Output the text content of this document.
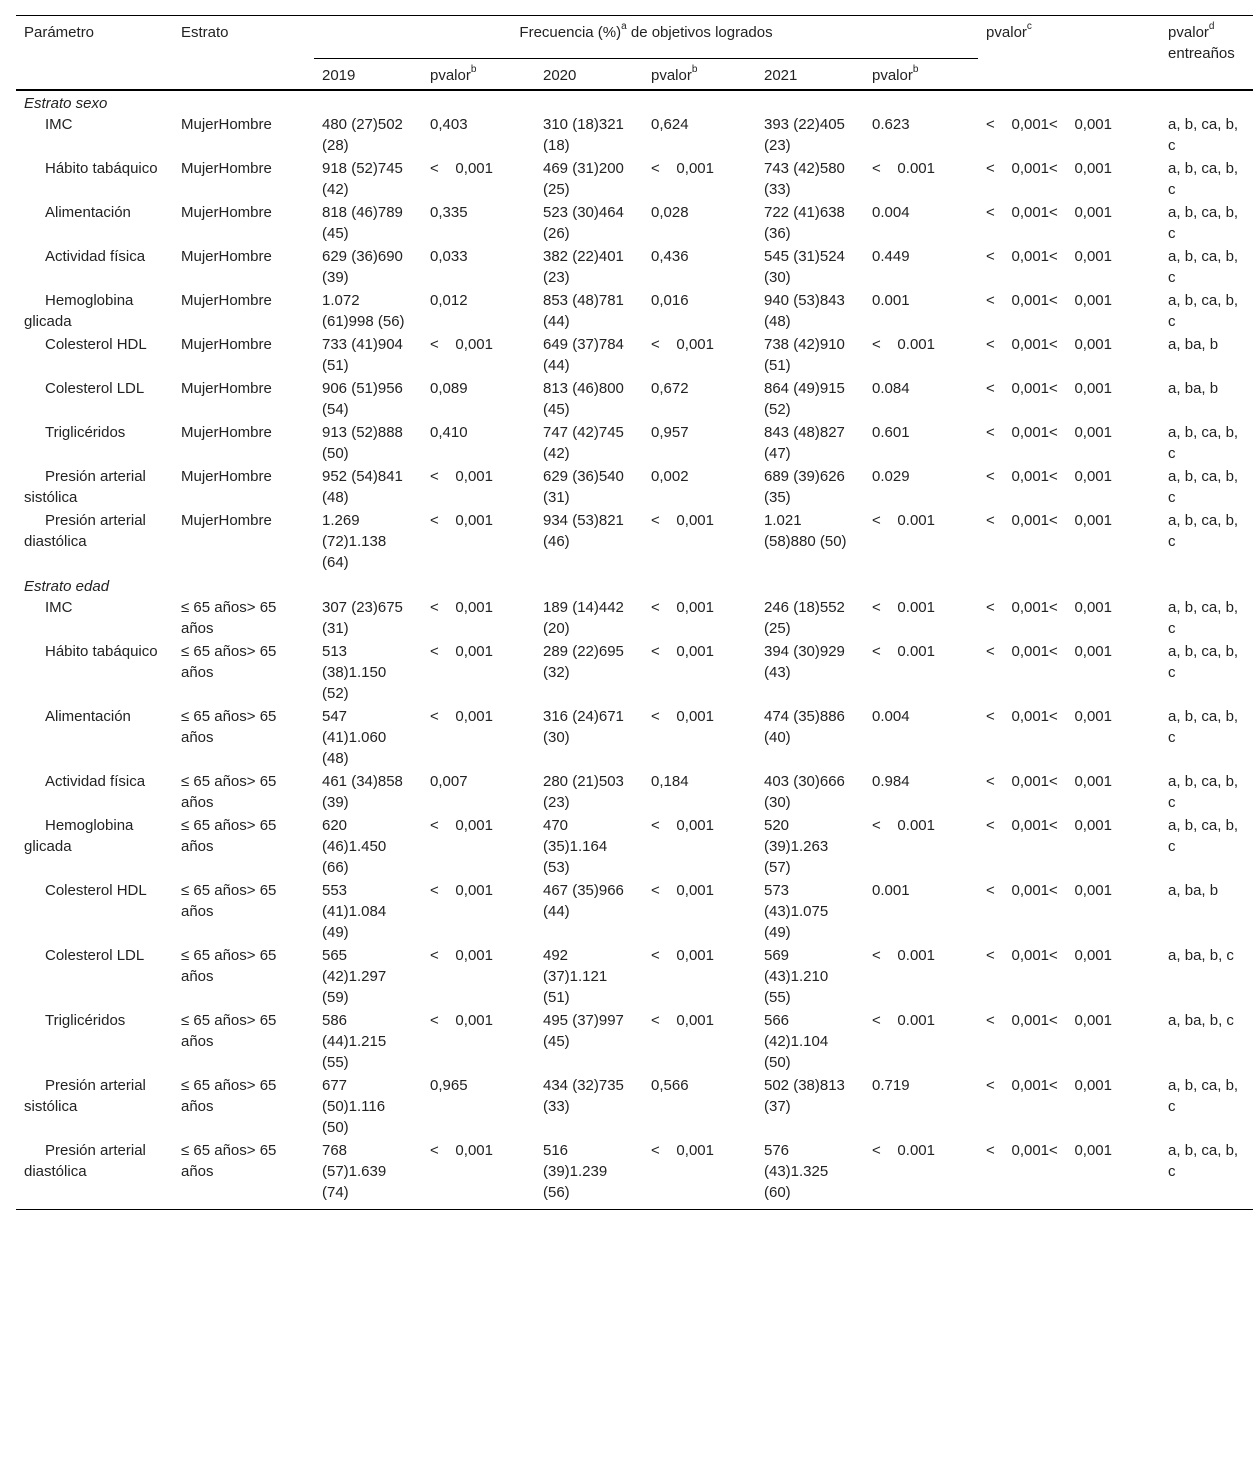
Parámetro	Estrato	Frecuencia (%)$^a$ de objetivos logrados						pvalor$^c$	pvalor$^d$
entreaños
		2019	pvalor$^b$	2020	pvalor$^b$	2021	pvalor$^b$
Estrato sexo									
IMC	MujerHombre	480 (27)502 (28)	0,403	310 (18)321 (18)	0,624	393 (22)405 (23)	0.623	<    0,001<    0,001	a, b, ca, b, c
Hábito tabáquico	MujerHombre	918 (52)745 (42)	<    0,001	469 (31)200 (25)	<    0,001	743 (42)580 (33)	<    0.001	<    0,001<    0,001	a, b, ca, b, c
Alimentación	MujerHombre	818 (46)789 (45)	0,335	523 (30)464 (26)	0,028	722 (41)638 (36)	0.004	<    0,001<    0,001	a, b, ca, b, c
Actividad física	MujerHombre	629 (36)690 (39)	0,033	382 (22)401 (23)	0,436	545 (31)524 (30)	0.449	<    0,001<    0,001	a, b, ca, b, c
Hemoglobina glicada	MujerHombre	1.072 (61)998 (56)	0,012	853 (48)781 (44)	0,016	940 (53)843 (48)	0.001	<    0,001<    0,001	a, b, ca, b, c
Colesterol HDL	MujerHombre	733 (41)904 (51)	<    0,001	649 (37)784 (44)	<    0,001	738 (42)910 (51)	<    0.001	<    0,001<    0,001	a, ba, b
Colesterol LDL	MujerHombre	906 (51)956 (54)	0,089	813 (46)800 (45)	0,672	864 (49)915 (52)	0.084	<    0,001<    0,001	a, ba, b
Triglicéridos	MujerHombre	913 (52)888 (50)	0,410	747 (42)745 (42)	0,957	843 (48)827 (47)	0.601	<    0,001<    0,001	a, b, ca, b, c
Presión arterial sistólica	MujerHombre	952 (54)841 (48)	<    0,001	629 (36)540 (31)	0,002	689 (39)626 (35)	0.029	<    0,001<    0,001	a, b, ca, b, c
Presión arterial diastólica	MujerHombre	1.269 (72)1.138 (64)	<    0,001	934 (53)821 (46)	<    0,001	1.021 (58)880 (50)	<    0.001	<    0,001<    0,001	a, b, ca, b, c
Estrato edad									
IMC	≤ 65 años> 65 años	307 (23)675 (31)	<    0,001	189 (14)442 (20)	<    0,001	246 (18)552 (25)	<    0.001	<    0,001<    0,001	a, b, ca, b, c
Hábito tabáquico	≤ 65 años> 65 años	513 (38)1.150 (52)	<    0,001	289 (22)695 (32)	<    0,001	394 (30)929 (43)	<    0.001	<    0,001<    0,001	a, b, ca, b, c
Alimentación	≤ 65 años> 65 años	547 (41)1.060 (48)	<    0,001	316 (24)671 (30)	<    0,001	474 (35)886 (40)	0.004	<    0,001<    0,001	a, b, ca, b, c
Actividad física	≤ 65 años> 65 años	461 (34)858 (39)	0,007	280 (21)503 (23)	0,184	403 (30)666 (30)	0.984	<    0,001<    0,001	a, b, ca, b, c
Hemoglobina glicada	≤ 65 años> 65 años	620 (46)1.450 (66)	<    0,001	470 (35)1.164 (53)	<    0,001	520 (39)1.263 (57)	<    0.001	<    0,001<    0,001	a, b, ca, b, c
Colesterol HDL	≤ 65 años> 65 años	553 (41)1.084 (49)	<    0,001	467 (35)966 (44)	<    0,001	573 (43)1.075 (49)	0.001	<    0,001<    0,001	a, ba, b
Colesterol LDL	≤ 65 años> 65 años	565 (42)1.297 (59)	<    0,001	492 (37)1.121 (51)	<    0,001	569 (43)1.210 (55)	<    0.001	<    0,001<    0,001	a, ba, b, c
Triglicéridos	≤ 65 años> 65 años	586 (44)1.215 (55)	<    0,001	495 (37)997 (45)	<    0,001	566 (42)1.104 (50)	<    0.001	<    0,001<    0,001	a, ba, b, c
Presión arterial sistólica	≤ 65 años> 65 años	677 (50)1.116 (50)	0,965	434 (32)735 (33)	0,566	502 (38)813 (37)	0.719	<    0,001<    0,001	a, b, ca, b, c
Presión arterial diastólica	≤ 65 años> 65 años	768 (57)1.639 (74)	<    0,001	516 (39)1.239 (56)	<    0,001	576 (43)1.325 (60)	<    0.001	<    0,001<    0,001	a, b, ca, b, c
